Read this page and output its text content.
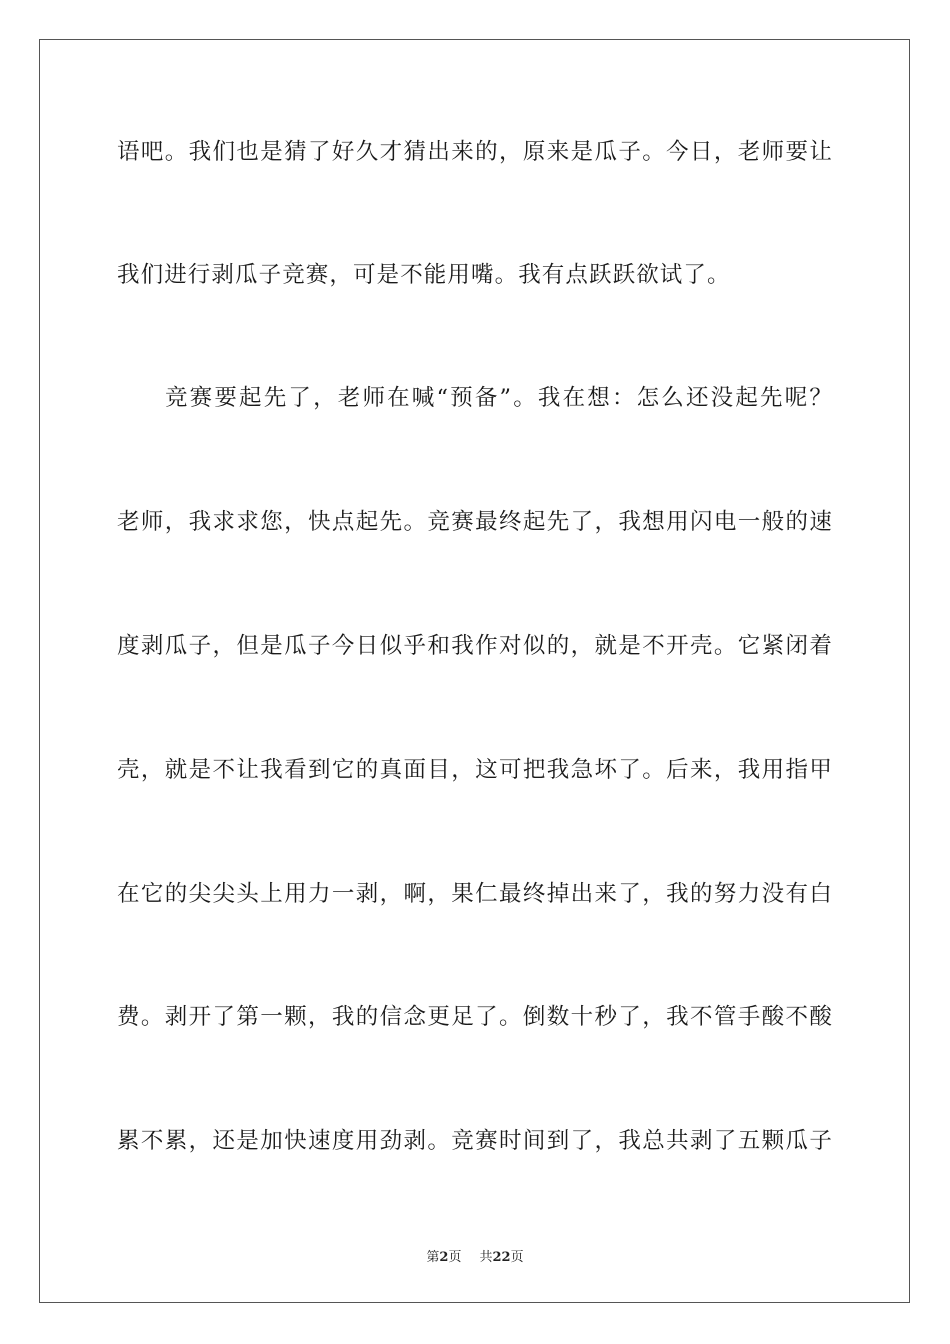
语吧。我们也是猜了好久才猜出来的，原来是瓜子。今日，老师要让
我们进行剥瓜子竞赛，可是不能用嘴。我有点跃跃欲试了。
竞赛要起先了，老师在喊“预备”。我在想：怎么还没起先呢？
老师，我求求您，快点起先。竞赛最终起先了，我想用闪电一般的速
度剥瓜子，但是瓜子今日似乎和我作对似的，就是不开壳。它紧闭着
壳，就是不让我看到它的真面目，这可把我急坏了。后来，我用指甲
在它的尖尖头上用力一剥，啊，果仁最终掉出来了，我的努力没有白
费。剥开了第一颗，我的信念更足了。倒数十秒了，我不管手酸不酸
累不累，还是加快速度用劲剥。竞赛时间到了，我总共剥了五颗瓜子
第2页 共22页
